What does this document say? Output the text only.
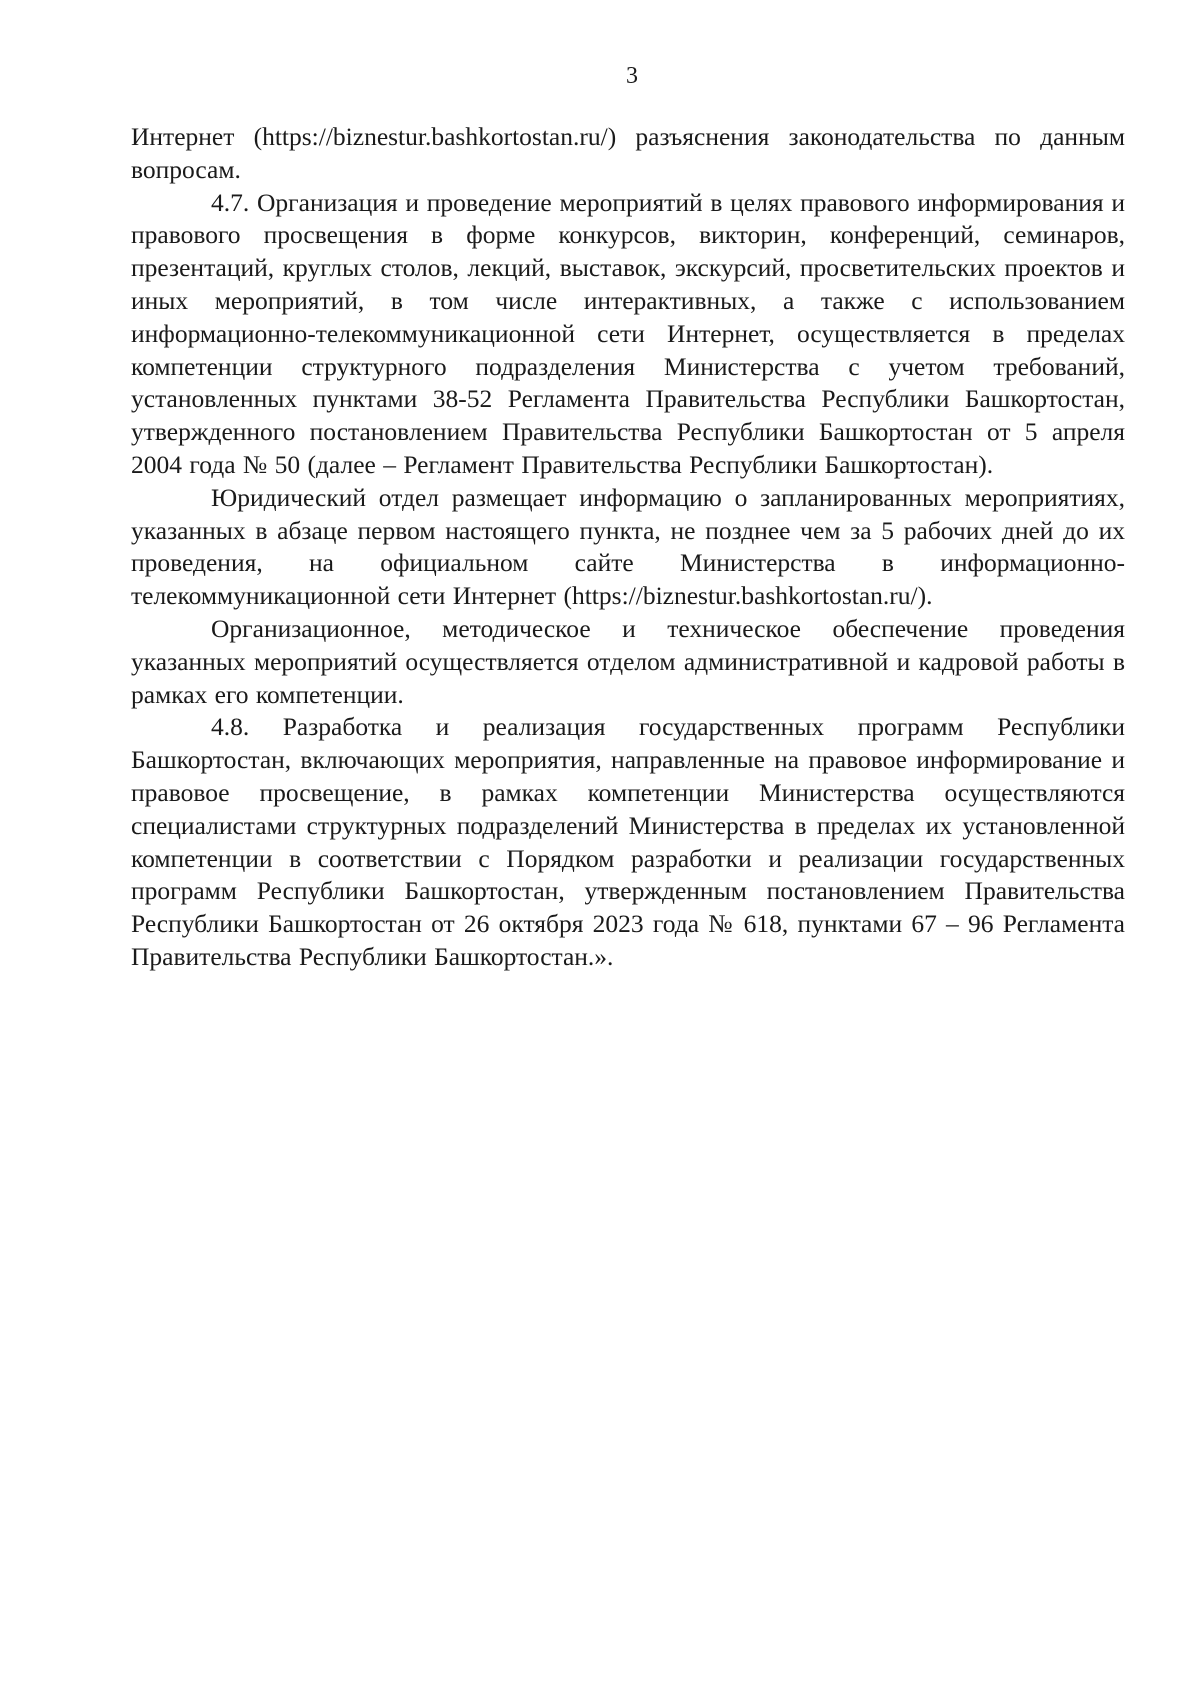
3

Интернет (https://biznestur.bashkortostan.ru/) разъяснения законодательства по данным вопросам.

4.7. Организация и проведение мероприятий в целях правового информирования и правового просвещения в форме конкурсов, викторин, конференций, семинаров, презентаций, круглых столов, лекций, выставок, экскурсий, просветительских проектов и иных мероприятий, в том числе интерактивных, а также с использованием информационно-телекоммуникационной сети Интернет, осуществляется в пределах компетенции структурного подразделения Министерства с учетом требований, установленных пунктами 38-52 Регламента Правительства Республики Башкортостан, утвержденного постановлением Правительства Республики Башкортостан от 5 апреля 2004 года № 50 (далее – Регламент Правительства Республики Башкортостан).

Юридический отдел размещает информацию о запланированных мероприятиях, указанных в абзаце первом настоящего пункта, не позднее чем за 5 рабочих дней до их проведения, на официальном сайте Министерства в информационно-телекоммуникационной сети Интернет (https://biznestur.bashkortostan.ru/).

Организационное, методическое и техническое обеспечение проведения указанных мероприятий осуществляется отделом административной и кадровой работы в рамках его компетенции.

4.8. Разработка и реализация государственных программ Республики Башкортостан, включающих мероприятия, направленные на правовое информирование и правовое просвещение, в рамках компетенции Министерства осуществляются специалистами структурных подразделений Министерства в пределах их установленной компетенции в соответствии с Порядком разработки и реализации государственных программ Республики Башкортостан, утвержденным постановлением Правительства Республики Башкортостан от 26 октября 2023 года № 618, пунктами 67 – 96 Регламента Правительства Республики Башкортостан.».
